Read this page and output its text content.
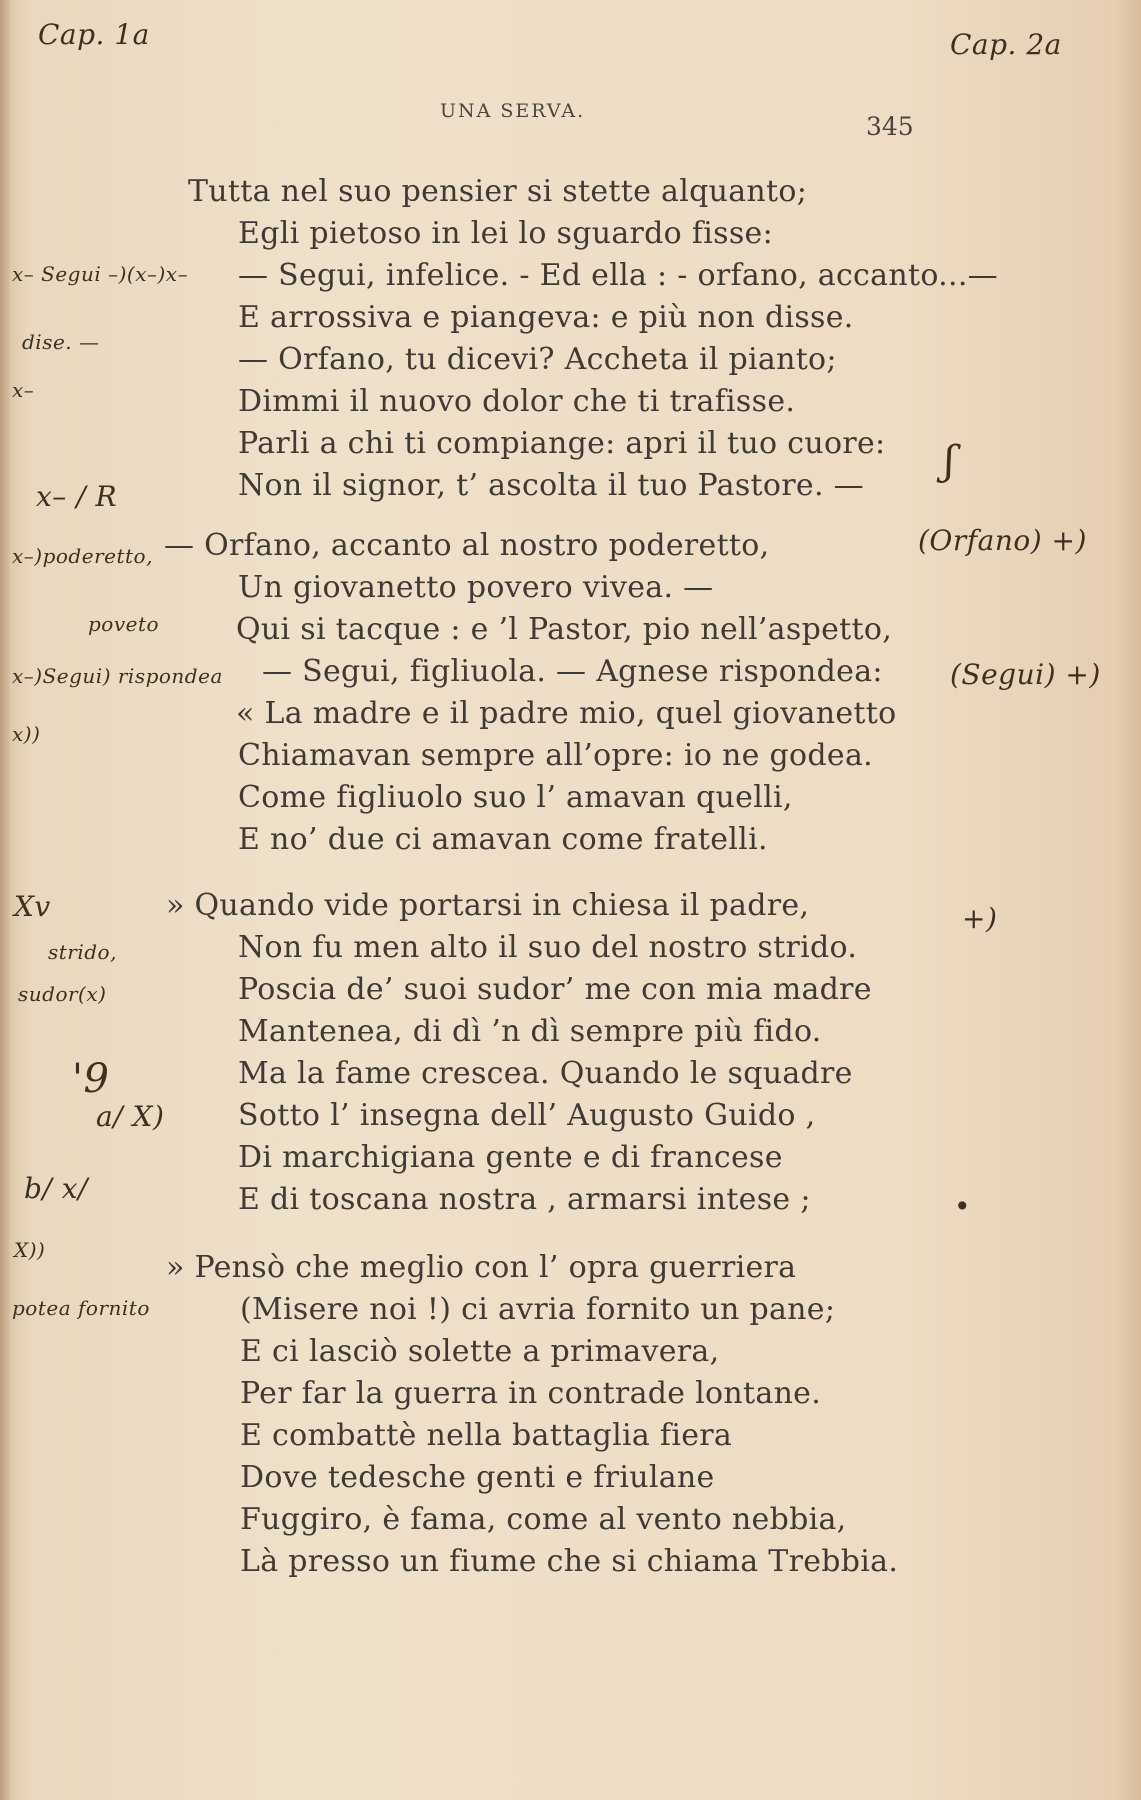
UNA SERVA.
345
Cap. 1a	Cap. 2a
x– Segui –)(x–)x–
dise. —
x–
x– / R
x–)poderetto,
poveto
x–)Segui) rispondea
x))
Xv
strido,
sudor(x)
'9
a/ X)
b/ x/
X))
potea fornito
ʃ
(Orfano) +)
(Segui) +)
+)
•
Tutta nel suo pensier si stette alquanto;
Egli pietoso in lei lo sguardo fisse:
— Segui, infelice. - Ed ella : - orfano, accanto...—
E arrossiva e piangeva: e più non disse.
— Orfano, tu dicevi? Accheta il pianto;
Dimmi il nuovo dolor che ti trafisse.
Parli a chi ti compiange: apri il tuo cuore:
Non il signor, t’ ascolta il tuo Pastore. —
— Orfano, accanto al nostro poderetto,
Un giovanetto povero vivea. —
Qui si tacque : e ’l Pastor, pio nell’aspetto,
— Segui, figliuola. — Agnese rispondea:
« La madre e il padre mio, quel giovanetto
Chiamavan sempre all’opre: io ne godea.
Come figliuolo suo l’ amavan quelli,
E no’ due ci amavan come fratelli.
» Quando vide portarsi in chiesa il padre,
Non fu men alto il suo del nostro strido.
Poscia de’ suoi sudor’ me con mia madre
Mantenea, di dì ’n dì sempre più fido.
Ma la fame crescea. Quando le squadre
Sotto l’ insegna dell’ Augusto Guido ,
Di marchigiana gente e di francese
E di toscana nostra , armarsi intese ;
» Pensò che meglio con l’ opra guerriera
(Misere noi !) ci avria fornito un pane;
E ci lasciò solette a primavera,
Per far la guerra in contrade lontane.
E combattè nella battaglia fiera
Dove tedesche genti e friulane
Fuggiro, è fama, come al vento nebbia,
Là presso un fiume che si chiama Trebbia.
